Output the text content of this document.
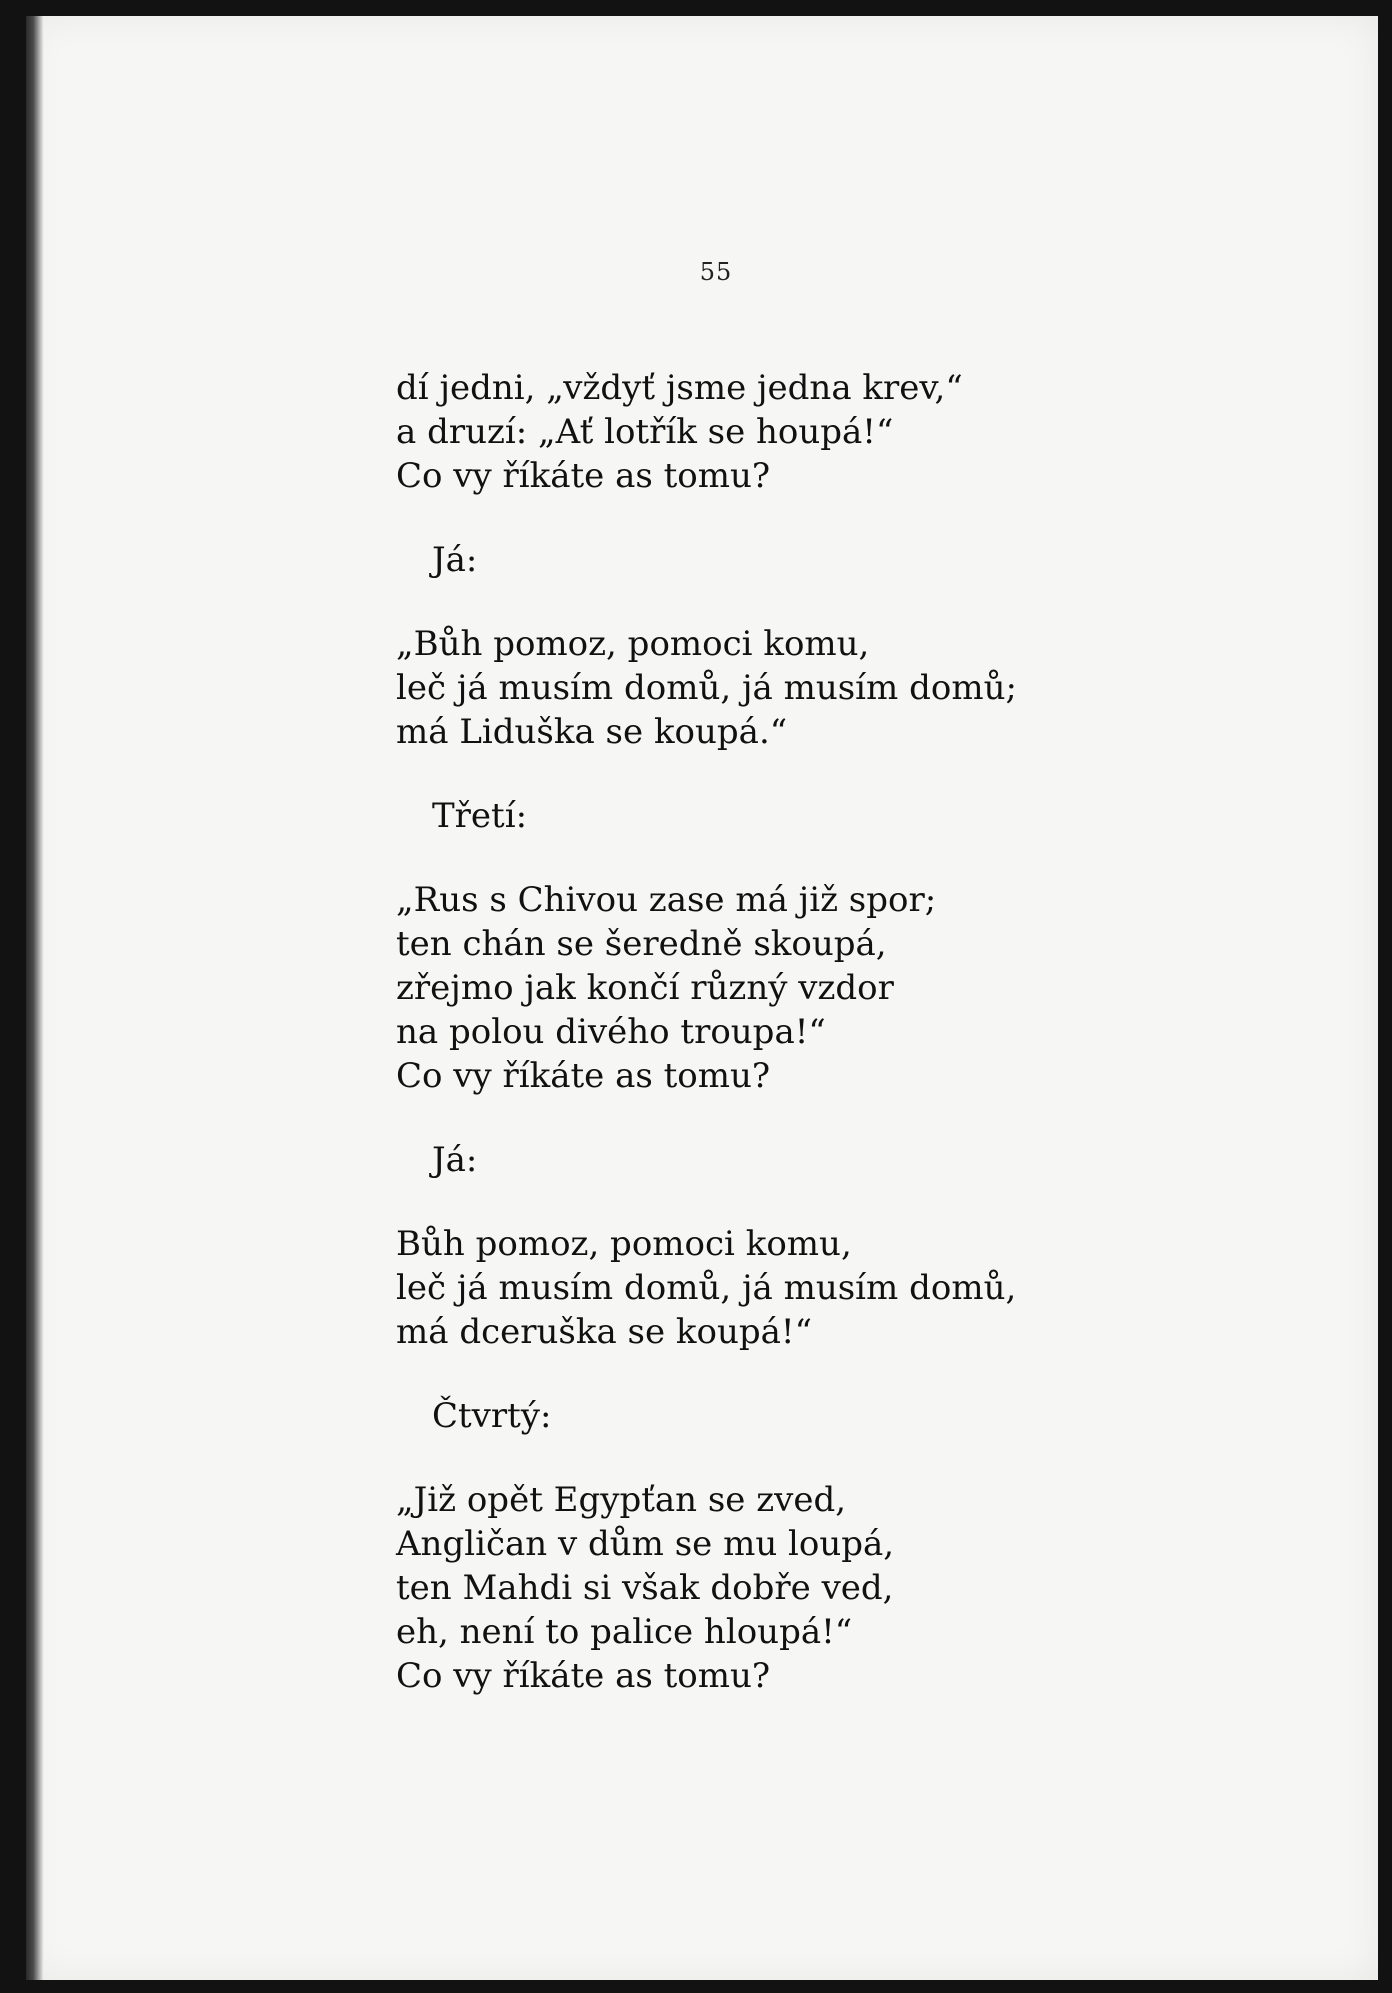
55
dí jedni, „vždyť jsme jedna krev,“
a druzí: „Ať lotřík se houpá!“
Co vy říkáte as tomu?
Já:
„Bůh pomoz, pomoci komu,
leč já musím domů, já musím domů;
má Liduška se koupá.“
Třetí:
„Rus s Chivou zase má již spor;
ten chán se šeredně skoupá,
zřejmo jak končí různý vzdor
na polou divého troupa!“
Co vy říkáte as tomu?
Já:
Bůh pomoz, pomoci komu,
leč já musím domů, já musím domů,
má dceruška se koupá!“
Čtvrtý:
„Již opět Egypťan se zved,
Angličan v dům se mu loupá,
ten Mahdi si však dobře ved,
eh, není to palice hloupá!“
Co vy říkáte as tomu?
